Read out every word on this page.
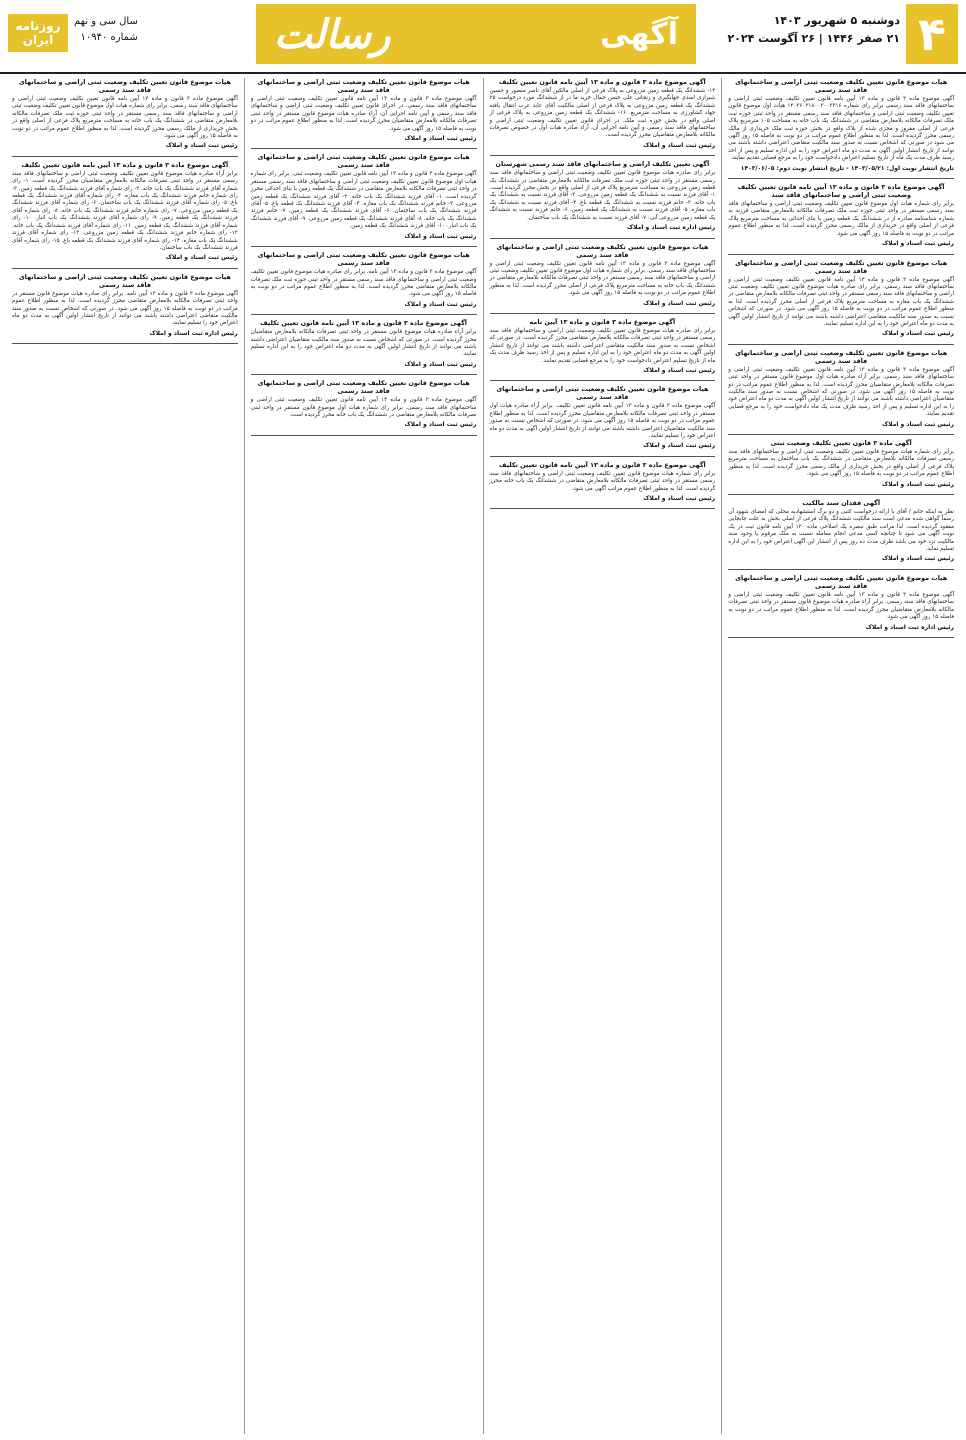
۴
دوشنبه ۵ شهریور ۱۴۰۳
۲۱ صفر ۱۴۴۶ | ۲۶ آگوست ۲۰۲۴
آگهی
رسالت
سال سی و نهم
شماره ۱۰۹۴۰
روزنامه
ایران
هیات موضوع قانون تعیین تکلیف وضعیت ثبتی اراضی و ساختمانهای فاقد سند رسمی
آگهی موضوع ماده ۳ قانون و ماده ۱۳ آیین نامه قانون تعیین تکلیف وضعیت ثبتی اراضی و ساختمانهای فاقد سند رسمی برابر رای شماره ۱۴۰۳۶۰۳۱۸۰۰۳۰۰۳۳۱۶ هیات اول موضوع قانون تعیین تکلیف وضعیت ثبتی اراضی و ساختمانهای فاقد سند رسمی مستقر در واحد ثبتی حوزه ثبت ملک تصرفات مالکانه بلامعارض متقاضی در ششدانگ یک باب خانه به مساحت ۱۰۵ مترمربع پلاک فرعی از اصلی مفروز و مجزی شده از پلاک واقع در بخش حوزه ثبت ملک خریداری از مالک رسمی محرز گردیده است. لذا به منظور اطلاع عموم مراتب در دو نوبت به فاصله ۱۵ روز آگهی می شود در صورتی که اشخاص نسبت به صدور سند مالکیت متقاضی اعتراضی داشته باشند می توانند از تاریخ انتشار اولین آگهی به مدت دو ماه اعتراض خود را به این اداره تسلیم و پس از اخذ رسید ظرف مدت یک ماه از تاریخ تسلیم اعتراض دادخواست خود را به مرجع قضایی تقدیم نمایند.
تاریخ انتشار نوبت اول: ۱۴۰۳/۰۵/۲۱ - تاریخ انتشار نوبت دوم: ۱۴۰۳/۰۶/۰۵
آگهی موضوع ماده ۳ قانون و ماده ۱۳ آیین نامه قانون تعیین تکلیف وضعیت ثبتی اراضی و ساختمانهای فاقد سند
برابر رای شماره هیات اول موضوع قانون تعیین تکلیف وضعیت ثبتی اراضی و ساختمانهای فاقد سند رسمی مستقر در واحد ثبتی حوزه ثبت ملک تصرفات مالکانه بلامعارض متقاضی فرزند به شماره شناسنامه صادره از در ششدانگ یک قطعه زمین با بنای احداثی به مساحت مترمربع پلاک فرعی از اصلی واقع در خریداری از مالک رسمی محرز گردیده است. لذا به منظور اطلاع عموم مراتب در دو نوبت به فاصله ۱۵ روز آگهی می شود.
رئیس ثبت اسناد و املاک
هیات موضوع قانون تعیین تکلیف وضعیت ثبتی اراضی و ساختمانهای فاقد سند رسمی
آگهی موضوع ماده ۳ قانون و ماده ۱۳ آیین نامه قانون تعیین تکلیف وضعیت ثبتی اراضی و ساختمانهای فاقد سند رسمی. برابر رای صادره هیات موضوع قانون تعیین تکلیف وضعیت ثبتی اراضی و ساختمانهای فاقد سند رسمی مستقر در واحد ثبتی تصرفات مالکانه بلامعارض متقاضی در ششدانگ یک باب مغازه به مساحت مترمربع پلاک فرعی از اصلی محرز گردیده است. لذا به منظور اطلاع عموم مراتب در دو نوبت به فاصله ۱۵ روز آگهی می شود. در صورتی که اشخاص نسبت به صدور سند مالکیت متقاضی اعتراضی داشته باشند می توانند از تاریخ انتشار اولین آگهی به مدت دو ماه اعتراض خود را به این اداره تسلیم نمایند.
رئیس ثبت اسناد و املاک
هیات موضوع قانون تعیین تکلیف وضعیت ثبتی اراضی و ساختمانهای فاقد سند رسمی
آگهی موضوع ماده ۳ قانون و ماده ۱۳ آیین نامه قانون تعیین تکلیف وضعیت ثبتی اراضی و ساختمانهای فاقد سند رسمی. برابر آراء صادره هیات اول موضوع قانون مستقر در واحد ثبتی تصرفات مالکانه بلامعارض متقاضیان محرز گردیده است. لذا به منظور اطلاع عموم مراتب در دو نوبت به فاصله ۱۵ روز آگهی می شود. در صورتی که اشخاص نسبت به صدور سند مالکیت متقاضیان اعتراضی داشته باشند می توانند از تاریخ انتشار اولین آگهی به مدت دو ماه اعتراض خود را به این اداره تسلیم و پس از اخذ رسید ظرف مدت یک ماه دادخواست خود را به مرجع قضایی تقدیم نمایند.
رئیس ثبت اسناد و املاک
آگهی ماده ۳ قانون تعیین تکلیف وضعیت ثبتی
برابر رای شماره هیات موضوع قانون تعیین تکلیف وضعیت ثبتی اراضی و ساختمانهای فاقد سند رسمی تصرفات مالکانه بلامعارض متقاضی در ششدانگ یک باب ساختمان به مساحت مترمربع پلاک فرعی از اصلی واقع در بخش خریداری از مالک رسمی محرز گردیده است. لذا به منظور اطلاع عموم مراتب در دو نوبت به فاصله ۱۵ روز آگهی می شود.
رئیس ثبت اسناد و املاک
آگهی فقدان سند مالکیت
نظر به اینکه خانم / آقای با ارائه درخواست کتبی و دو برگ استشهادیه محلی که امضای شهود آن رسماً گواهی شده مدعی است سند مالکیت ششدانگ پلاک فرعی از اصلی بخش به علت جابجایی مفقود گردیده است. لذا مراتب طبق تبصره یک اصلاحی ماده ۱۲۰ آیین نامه قانون ثبت در یک نوبت آگهی می شود تا چنانچه کسی مدعی انجام معامله نسبت به ملک مرقوم یا وجود سند مالکیت نزد خود می باشد ظرف مدت ده روز پس از انتشار این آگهی اعتراض خود را به این اداره تسلیم نماید.
رئیس ثبت اسناد و املاک
هیات موضوع قانون تعیین تکلیف وضعیت ثبتی اراضی و ساختمانهای فاقد سند رسمی
آگهی موضوع ماده ۳ قانون و ماده ۱۳ آیین نامه قانون تعیین تکلیف وضعیت ثبتی اراضی و ساختمانهای فاقد سند رسمی. برابر آراء صادره هیات موضوع قانون مستقر در واحد ثبتی تصرفات مالکانه بلامعارض متقاضیان محرز گردیده است. لذا به منظور اطلاع عموم مراتب در دو نوبت به فاصله ۱۵ روز آگهی می شود.
رئیس اداره ثبت اسناد و املاک
آگهی موضوع ماده ۳ قانون و ماده ۱۳ آیین نامه قانون تعیین تکلیف
۱۴- ششدانگ یک قطعه زمین مزروعی به پلاک فرعی از اصلی مالکین آقای ناصر منصور و حسین شیرازی اسدی جهانگیری و زنجانی علی حسن جمال خرید ما در از ششدانگ مورد درخواست ۲۵ ششدانگ یک قطعه زمین مزروعی به پلاک فرعی از اصلی مالکیت آقای عابد عرب انتقال یافته جهاد کشاورزی به مساحت مترمربع. ۱۶- ششدانگ یک قطعه زمین مزروعی به پلاک فرعی از اصلی واقع در بخش حوزه ثبت ملک. در اجرای قانون تعیین تکلیف وضعیت ثبتی اراضی و ساختمانهای فاقد سند رسمی و آیین نامه اجرایی آن، آراء صادره هیات اول در خصوص تصرفات مالکانه بلامعارض متقاضیان محرز گردیده است.
رئیس ثبت اسناد و املاک
آگهی تعیین تکلیف اراضی و ساختمانهای فاقد سند رسمی شهرستان
برابر رای صادره هیات موضوع قانون تعیین تکلیف وضعیت ثبتی اراضی و ساختمانهای فاقد سند رسمی مستقر در واحد ثبتی حوزه ثبت ملک تصرفات مالکانه بلامعارض متقاضی در ششدانگ یک قطعه زمین مزروعی به مساحت مترمربع پلاک فرعی از اصلی واقع در بخش محرز گردیده است. ۱- آقای فرزند نسبت به ششدانگ یک قطعه زمین مزروعی. ۲- آقای فرزند نسبت به ششدانگ یک باب خانه. ۳- خانم فرزند نسبت به ششدانگ یک قطعه باغ. ۴- آقای فرزند نسبت به ششدانگ یک باب مغازه. ۵- آقای فرزند نسبت به ششدانگ یک قطعه زمین. ۶- خانم فرزند نسبت به ششدانگ یک قطعه زمین مزروعی آبی. ۷- آقای فرزند نسبت به ششدانگ یک باب ساختمان.
رئیس اداره ثبت اسناد و املاک
هیات موضوع قانون تعیین تکلیف وضعیت ثبتی اراضی و ساختمانهای فاقد سند رسمی
آگهی موضوع ماده ۳ قانون و ماده ۱۳ آیین نامه قانون تعیین تکلیف وضعیت ثبتی اراضی و ساختمانهای فاقد سند رسمی. برابر رای شماره هیات اول موضوع قانون تعیین تکلیف وضعیت ثبتی اراضی و ساختمانهای فاقد سند رسمی مستقر در واحد ثبتی تصرفات مالکانه بلامعارض متقاضی در ششدانگ یک باب خانه به مساحت مترمربع پلاک فرعی از اصلی محرز گردیده است. لذا به منظور اطلاع عموم مراتب در دو نوبت به فاصله ۱۵ روز آگهی می شود.
رئیس ثبت اسناد و املاک
آگهی موضوع ماده ۳ قانون و ماده ۱۳ آیین نامه
برابر رای صادره هیات موضوع قانون تعیین تکلیف وضعیت ثبتی اراضی و ساختمانهای فاقد سند رسمی مستقر در واحد ثبتی تصرفات مالکانه بلامعارض متقاضی محرز گردیده است. در صورتی که اشخاص نسبت به صدور سند مالکیت متقاضی اعتراضی داشته باشند می توانند از تاریخ انتشار اولین آگهی به مدت دو ماه اعتراض خود را به این اداره تسلیم و پس از اخذ رسید ظرف مدت یک ماه از تاریخ تسلیم اعتراض دادخواست خود را به مرجع قضایی تقدیم نمایند.
رئیس ثبت اسناد و املاک
هیات موضوع قانون تعیین تکلیف وضعیت ثبتی اراضی و ساختمانهای فاقد سند رسمی
آگهی موضوع ماده ۳ قانون و ماده ۱۳ آیین نامه قانون تعیین تکلیف. برابر آراء صادره هیات اول مستقر در واحد ثبتی تصرفات مالکانه بلامعارض متقاضیان محرز گردیده است. لذا به منظور اطلاع عموم مراتب در دو نوبت به فاصله ۱۵ روز آگهی می شود. در صورتی که اشخاص نسبت به صدور سند مالکیت متقاضیان اعتراضی داشته باشند می توانند از تاریخ انتشار اولین آگهی به مدت دو ماه اعتراض خود را تسلیم نمایند.
رئیس ثبت اسناد و املاک
آگهی موضوع ماده ۳ قانون و ماده ۱۳ آیین نامه قانون تعیین تکلیف
برابر رای شماره هیات موضوع قانون تعیین تکلیف وضعیت ثبتی اراضی و ساختمانهای فاقد سند رسمی مستقر در واحد ثبتی تصرفات مالکانه بلامعارض متقاضی در ششدانگ یک باب خانه محرز گردیده است. لذا به منظور اطلاع عموم مراتب آگهی می شود.
رئیس ثبت اسناد و املاک
هیات موضوع قانون تعیین تکلیف وضعیت ثبتی اراضی و ساختمانهای فاقد سند رسمی
آگهی موضوع ماده ۳ قانون و ماده ۱۳ آیین نامه قانون تعیین تکلیف وضعیت ثبتی اراضی و ساختمانهای فاقد سند رسمی. در اجرای قانون تعیین تکلیف وضعیت ثبتی اراضی و ساختمانهای فاقد سند رسمی و آیین نامه اجرایی آن، آراء صادره هیات موضوع قانون مستقر در واحد ثبتی تصرفات مالکانه بلامعارض متقاضیان محرز گردیده است. لذا به منظور اطلاع عموم مراتب در دو نوبت به فاصله ۱۵ روز آگهی می شود.
رئیس ثبت اسناد و املاک
هیات موضوع قانون تعیین تکلیف وضعیت ثبتی اراضی و ساختمانهای فاقد سند رسمی
آگهی موضوع ماده ۳ قانون و ماده ۱۳ آیین نامه قانون تعیین تکلیف وضعیت ثبتی. برابر رای شماره هیات اول موضوع قانون تعیین تکلیف وضعیت ثبتی اراضی و ساختمانهای فاقد سند رسمی مستقر در واحد ثبتی تصرفات مالکانه بلامعارض متقاضی در ششدانگ یک قطعه زمین با بنای احداثی محرز گردیده است. ۱- آقای فرزند ششدانگ یک باب خانه. ۲- آقای فرزند ششدانگ یک قطعه زمین مزروعی. ۳- خانم فرزند ششدانگ یک باب مغازه. ۴- آقای فرزند ششدانگ یک قطعه باغ. ۵- آقای فرزند ششدانگ یک باب ساختمان. ۶- آقای فرزند ششدانگ یک قطعه زمین. ۷- خانم فرزند ششدانگ یک باب خانه. ۸- آقای فرزند ششدانگ یک قطعه زمین مزروعی. ۹- آقای فرزند ششدانگ یک باب انبار. ۱۰- آقای فرزند ششدانگ یک قطعه زمین.
رئیس ثبت اسناد و املاک
هیات موضوع قانون تعیین تکلیف وضعیت ثبتی اراضی و ساختمانهای فاقد سند رسمی
آگهی موضوع ماده ۳ قانون و ماده ۱۳ آیین نامه. برابر رای صادره هیات موضوع قانون تعیین تکلیف وضعیت ثبتی اراضی و ساختمانهای فاقد سند رسمی مستقر در واحد ثبتی حوزه ثبت ملک تصرفات مالکانه بلامعارض متقاضی محرز گردیده است. لذا به منظور اطلاع عموم مراتب در دو نوبت به فاصله ۱۵ روز آگهی می شود.
رئیس ثبت اسناد و املاک
آگهی موضوع ماده ۳ قانون و ماده ۱۳ آیین نامه قانون تعیین تکلیف
برابر آراء صادره هیات موضوع قانون مستقر در واحد ثبتی تصرفات مالکانه بلامعارض متقاضیان محرز گردیده است. در صورتی که اشخاص نسبت به صدور سند مالکیت متقاضیان اعتراضی داشته باشند می توانند از تاریخ انتشار اولین آگهی به مدت دو ماه اعتراض خود را به این اداره تسلیم نمایند.
رئیس ثبت اسناد و املاک
هیات موضوع قانون تعیین تکلیف وضعیت ثبتی اراضی و ساختمانهای فاقد سند رسمی
آگهی موضوع ماده ۳ قانون و ماده ۱۳ آیین نامه قانون تعیین تکلیف وضعیت ثبتی اراضی و ساختمانهای فاقد سند رسمی. برابر رای شماره هیات اول موضوع قانون مستقر در واحد ثبتی تصرفات مالکانه بلامعارض متقاضی در ششدانگ یک باب خانه محرز گردیده است.
رئیس ثبت اسناد و املاک
هیات موضوع قانون تعیین تکلیف وضعیت ثبتی اراضی و ساختمانهای فاقد سند رسمی
آگهی موضوع ماده ۳ قانون و ماده ۱۳ آیین نامه قانون تعیین تکلیف وضعیت ثبتی اراضی و ساختمانهای فاقد سند رسمی. برابر رای شماره هیات اول موضوع قانون تعیین تکلیف وضعیت ثبتی اراضی و ساختمانهای فاقد سند رسمی مستقر در واحد ثبتی حوزه ثبت ملک تصرفات مالکانه بلامعارض متقاضی در ششدانگ یک باب خانه به مساحت مترمربع پلاک فرعی از اصلی واقع در بخش خریداری از مالک رسمی محرز گردیده است. لذا به منظور اطلاع عموم مراتب در دو نوبت به فاصله ۱۵ روز آگهی می شود.
رئیس ثبت اسناد و املاک
آگهی موضوع ماده ۳ قانون و ماده ۱۳ آیین نامه قانون تعیین تکلیف
برابر آراء صادره هیات موضوع قانون تعیین تکلیف وضعیت ثبتی اراضی و ساختمانهای فاقد سند رسمی مستقر در واحد ثبتی تصرفات مالکانه بلامعارض متقاضیان محرز گردیده است. ۱- رای شماره آقای فرزند ششدانگ یک باب خانه. ۲- رای شماره آقای فرزند ششدانگ یک قطعه زمین. ۳- رای شماره خانم فرزند ششدانگ یک باب مغازه. ۴- رای شماره آقای فرزند ششدانگ یک قطعه باغ. ۵- رای شماره آقای فرزند ششدانگ یک باب ساختمان. ۶- رای شماره آقای فرزند ششدانگ یک قطعه زمین مزروعی. ۷- رای شماره خانم فرزند ششدانگ یک باب خانه. ۸- رای شماره آقای فرزند ششدانگ یک قطعه زمین. ۹- رای شماره آقای فرزند ششدانگ یک باب انبار. ۱۰- رای شماره آقای فرزند ششدانگ یک قطعه زمین. ۱۱- رای شماره آقای فرزند ششدانگ یک باب خانه. ۱۲- رای شماره خانم فرزند ششدانگ یک قطعه زمین مزروعی. ۱۳- رای شماره آقای فرزند ششدانگ یک باب مغازه. ۱۴- رای شماره آقای فرزند ششدانگ یک قطعه باغ. ۱۵- رای شماره آقای فرزند ششدانگ یک باب ساختمان.
رئیس ثبت اسناد و املاک
هیات موضوع قانون تعیین تکلیف وضعیت ثبتی اراضی و ساختمانهای فاقد سند رسمی
آگهی موضوع ماده ۳ قانون و ماده ۱۳ آیین نامه. برابر رای صادره هیات موضوع قانون مستقر در واحد ثبتی تصرفات مالکانه بلامعارض متقاضی محرز گردیده است. لذا به منظور اطلاع عموم مراتب در دو نوبت به فاصله ۱۵ روز آگهی می شود. در صورتی که اشخاص نسبت به صدور سند مالکیت متقاضی اعتراضی داشته باشند می توانند از تاریخ انتشار اولین آگهی به مدت دو ماه اعتراض خود را تسلیم نمایند.
رئیس اداره ثبت اسناد و املاک
